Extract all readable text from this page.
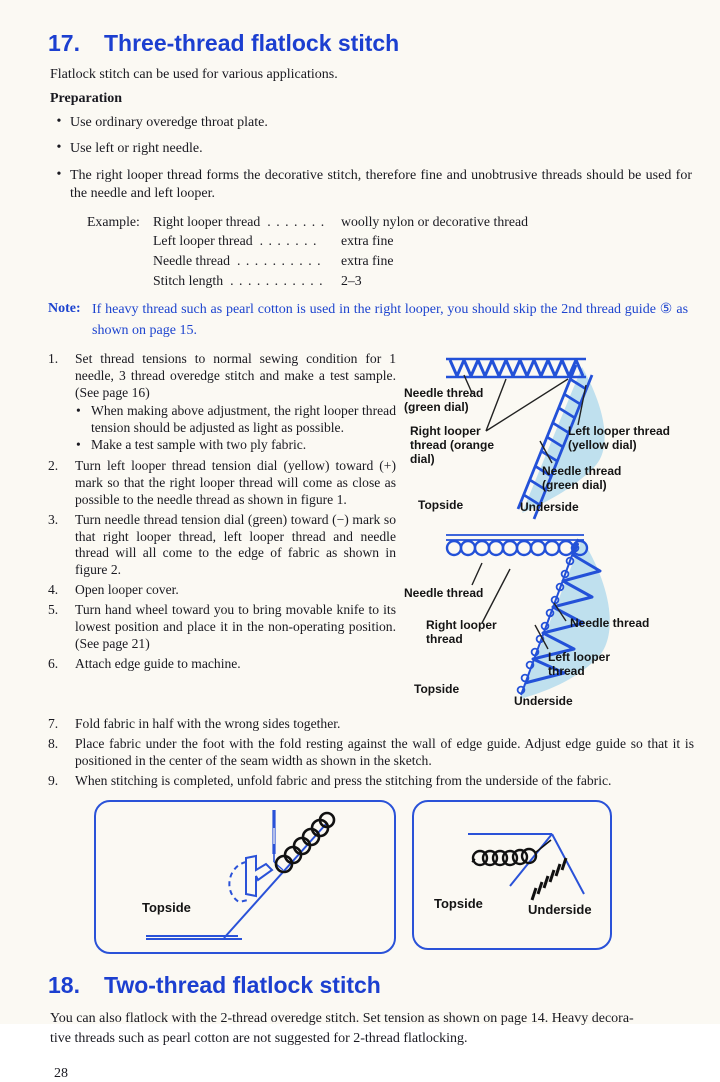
17. Three-thread flatlock stitch
Flatlock stitch can be used for various applications.
Preparation
• Use ordinary overedge throat plate.
• Use left or right needle.
• The right looper thread forms the decorative stitch, therefore fine and unobtrusive threads should be used for the needle and left looper.
Example: Right looper thread . . . . . . .	woolly nylon or decorative thread
Left looper thread . . . . . . .	extra fine
Needle thread . . . . . . . . . .	extra fine
Stitch length . . . . . . . . . . .	2–3
Note: If heavy thread such as pearl cotton is used in the right looper, you should skip the 2nd thread guide ⑤ as shown on page 15.
1.	Set thread tensions to normal sewing condition for 1 needle, 3 thread overedge stitch and make a test sample. (See page 16)
• When making above adjustment, the right looper thread tension should be adjusted as light as possible.
• Make a test sample with two ply fabric.
2.	Turn left looper thread tension dial (yellow) toward (+) mark so that the right looper thread will come as close as possible to the needle thread as shown in figure 1.
3.	Turn needle thread tension dial (green) toward (−) mark so that right looper thread, left looper thread and needle thread will all come to the edge of fabric as shown in figure 2.
4.	Open looper cover.
5.	Turn hand wheel toward you to bring movable knife to its lowest position and place it in the non-operating position. (See page 21)
6.	Attach edge guide to machine.
Needle thread (green dial)
Right looper thread (orange dial)
Left looper thread (yellow dial)
Needle thread (green dial)
Topside	Underside
Needle thread
Right looper thread
Needle thread
Left looper thread
Topside
Underside
7.	Fold fabric in half with the wrong sides together.
8.	Place fabric under the foot with the fold resting against the wall of edge guide. Adjust edge guide so that it is positioned in the center of the seam width as shown in the sketch.
9.	When stitching is completed, unfold fabric and press the stitching from the underside of the fabric.
Topside	Topside	Underside
18. Two-thread flatlock stitch
You can also flatlock with the 2-thread overedge stitch. Set tension as shown on page 14. Heavy decora-
tive threads such as pearl cotton are not suggested for 2-thread flatlocking.
28
